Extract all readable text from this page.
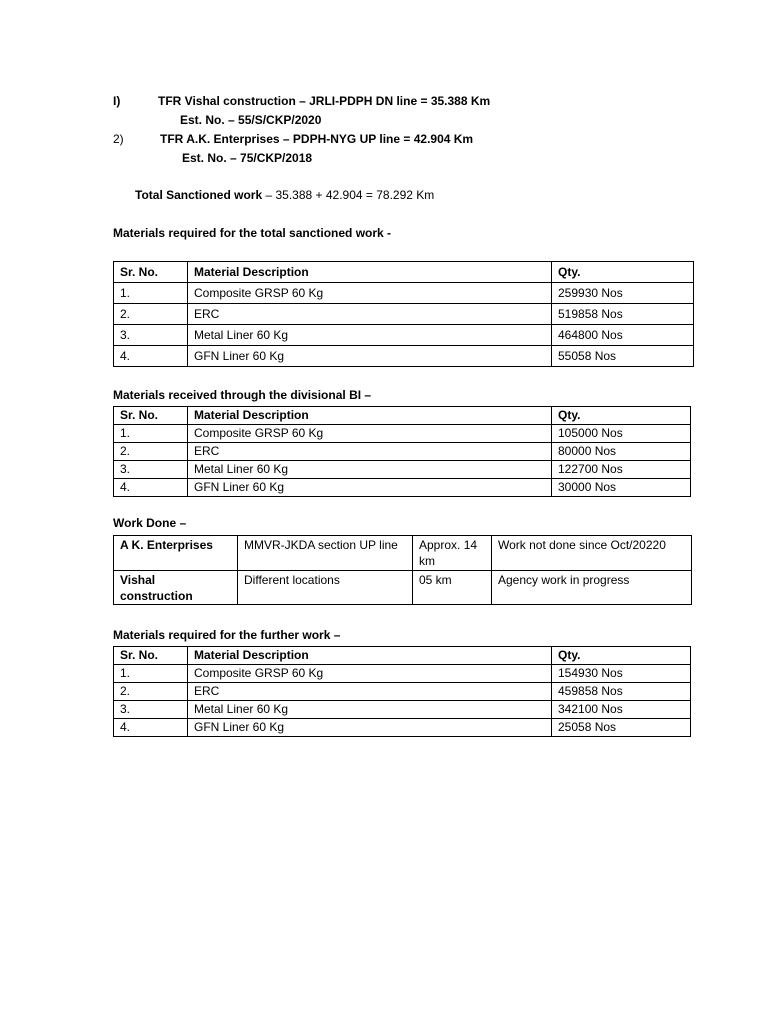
I)	TFR Vishal construction – JRLI-PDPH DN line = 35.388 Km
Est. No. – 55/S/CKP/2020
2)	TFR A.K. Enterprises – PDPH-NYG UP line = 42.904 Km
Est. No. – 75/CKP/2018
Total Sanctioned work – 35.388 + 42.904 = 78.292 Km
Materials required for the total sanctioned work -
Sr. No.	Material Description	Qty.
1.	Composite GRSP 60 Kg	259930 Nos
2.	ERC	519858 Nos
3.	Metal Liner 60 Kg	464800 Nos
4.	GFN Liner 60 Kg	55058 Nos
Materials received through the divisional BI –
Sr. No.	Material Description	Qty.
1.	Composite GRSP 60 Kg	105000 Nos
2.	ERC	80000 Nos
3.	Metal Liner 60 Kg	122700 Nos
4.	GFN Liner 60 Kg	30000 Nos
Work Done –
A K. Enterprises	MMVR-JKDA section UP line	Approx. 14 km	Work not done since Oct/20220
Vishal construction	Different locations	05 km	Agency work in progress
Materials required for the further work –
Sr. No.	Material Description	Qty.
1.	Composite GRSP 60 Kg	154930 Nos
2.	ERC	459858 Nos
3.	Metal Liner 60 Kg	342100 Nos
4.	GFN Liner 60 Kg	25058 Nos
